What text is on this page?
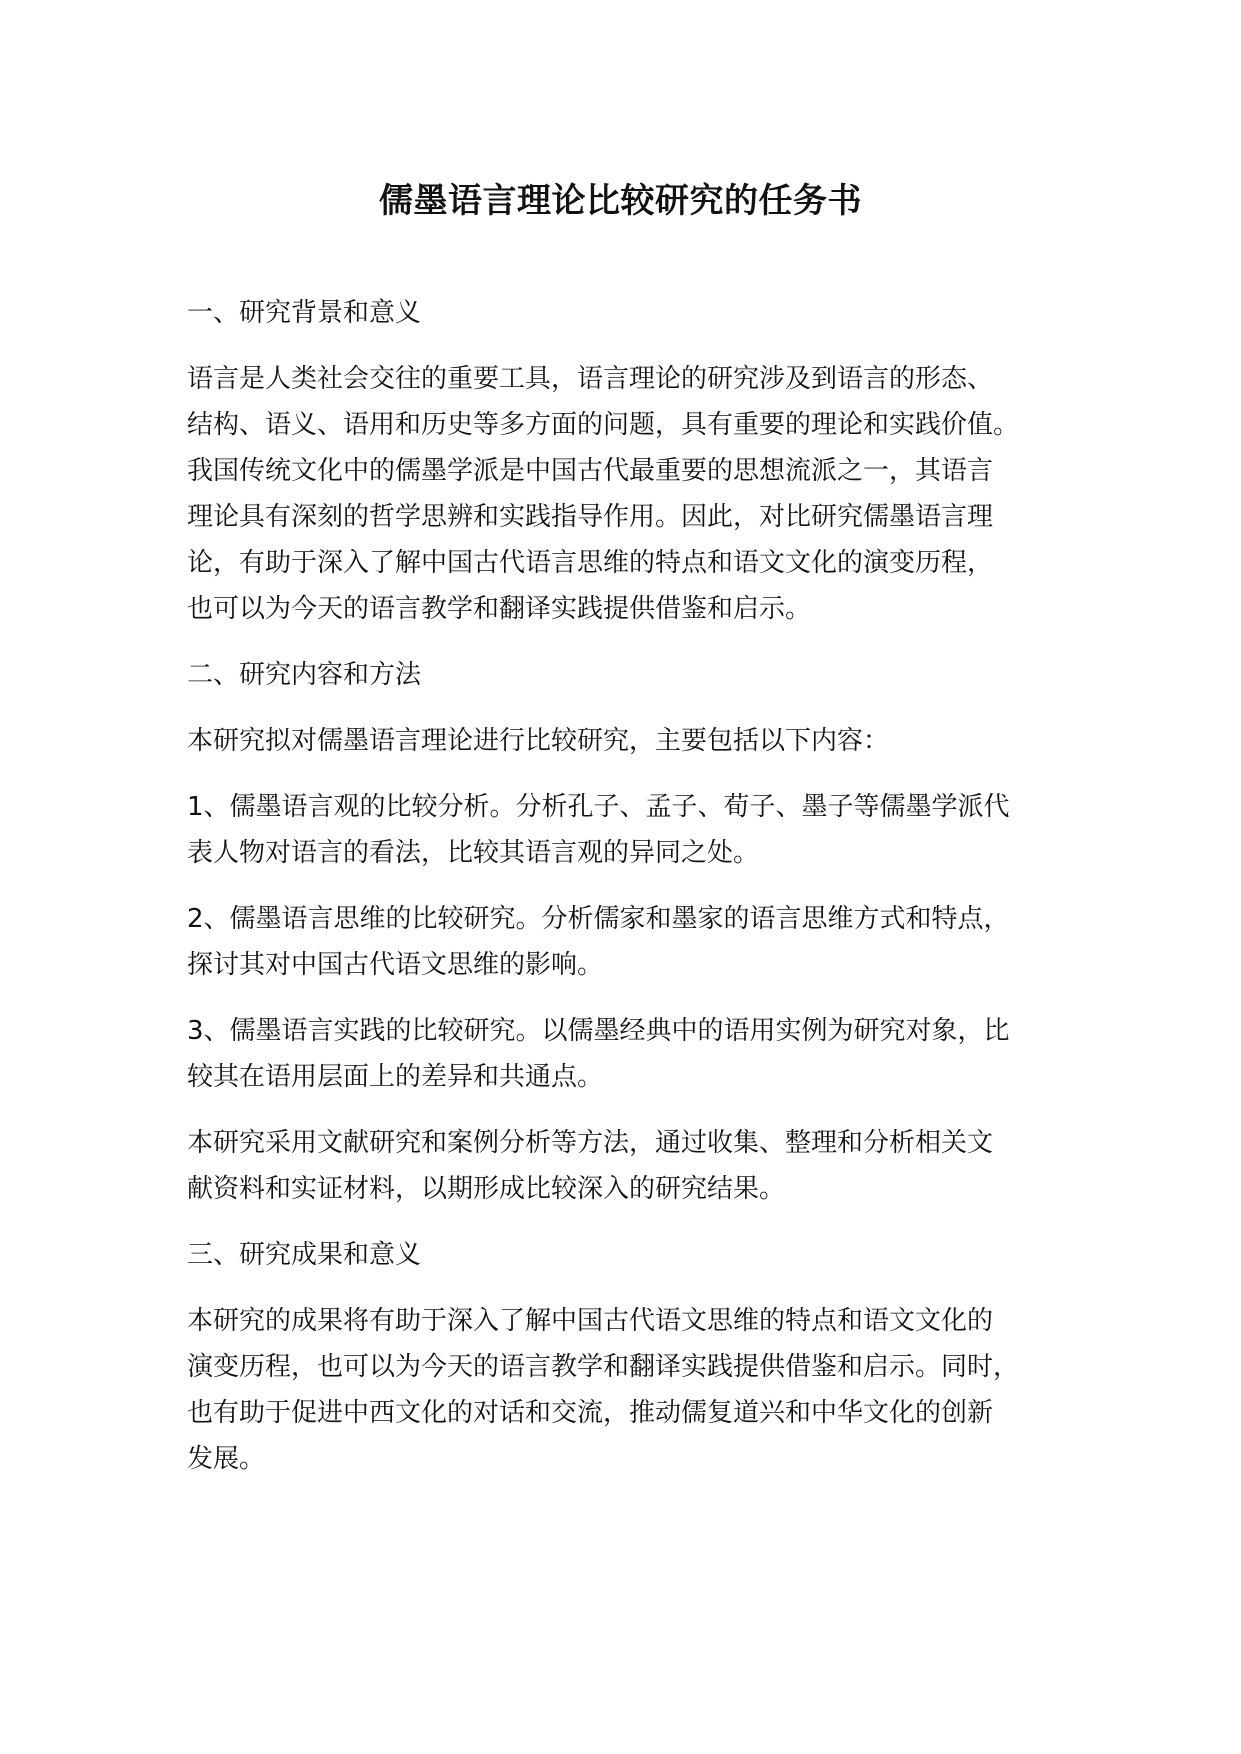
儒墨语言理论比较研究的任务书
一、研究背景和意义

语言是人类社会交往的重要工具，语言理论的研究涉及到语言的形态、
结构、语义、语用和历史等多方面的问题，具有重要的理论和实践价值。
我国传统文化中的儒墨学派是中国古代最重要的思想流派之一，其语言
理论具有深刻的哲学思辨和实践指导作用。因此，对比研究儒墨语言理
论，有助于深入了解中国古代语言思维的特点和语文文化的演变历程，
也可以为今天的语言教学和翻译实践提供借鉴和启示。

二、研究内容和方法

本研究拟对儒墨语言理论进行比较研究，主要包括以下内容：

1、儒墨语言观的比较分析。分析孔子、孟子、荀子、墨子等儒墨学派代
表人物对语言的看法，比较其语言观的异同之处。

2、儒墨语言思维的比较研究。分析儒家和墨家的语言思维方式和特点，
探讨其对中国古代语文思维的影响。

3、儒墨语言实践的比较研究。以儒墨经典中的语用实例为研究对象，比
较其在语用层面上的差异和共通点。

本研究采用文献研究和案例分析等方法，通过收集、整理和分析相关文
献资料和实证材料，以期形成比较深入的研究结果。

三、研究成果和意义

本研究的成果将有助于深入了解中国古代语文思维的特点和语文文化的
演变历程，也可以为今天的语言教学和翻译实践提供借鉴和启示。同时，
也有助于促进中西文化的对话和交流，推动儒复道兴和中华文化的创新
发展。
